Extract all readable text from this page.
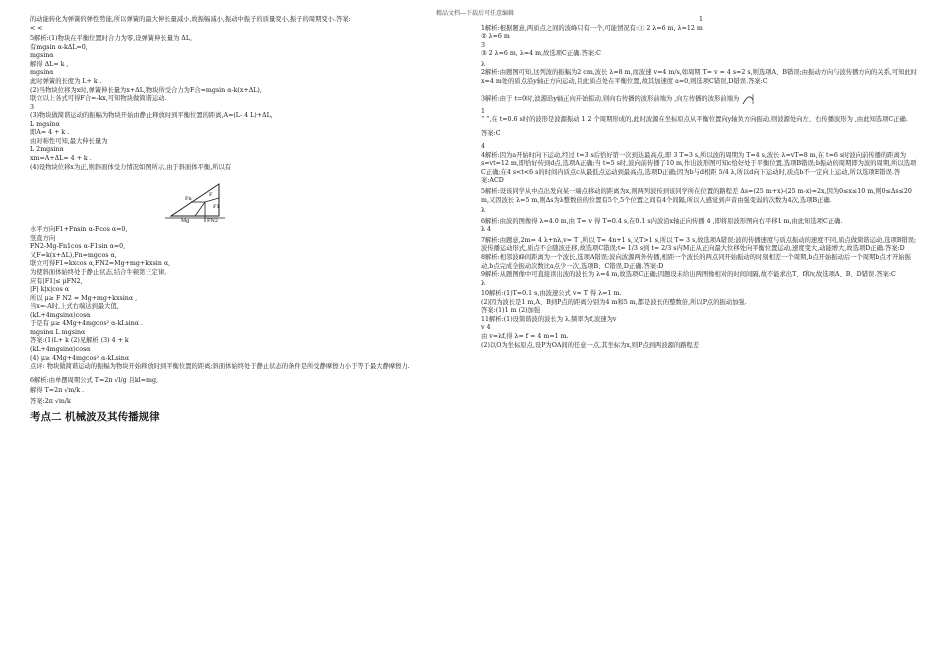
精品文档---下载后可任意编辑

的动能转化为弹簧的弹性势能,所以弹簧的最大伸长量减小,故振幅减小,振动中振子的质量变小,振子的周期变小.答案:

< <

5解析:(1)物块在平衡位置时合力为零,设弹簧伸长量为 ΔL,

有mgsin α-kΔL=0,

mgsinα

解得 ΔL= k ,

mgsinα

此时弹簧的长度为 L+ k .

(2)当物块位移为x时,弹簧伸长量为x+ΔL,物块所受合力为F合=mgsin α-k(x+ΔL),

联立以上各式可得F合=-kx,可知物块做简谐运动.

3

(3)物块做简谐运动的振幅为物块开始由静止释放时到平衡位置的距离,A=(L- 4 L)+ΔL,

L mgsinα

即A= 4 + k .

由对称性可知,最大伸长量为

L 2mgsinα

xm=A+ΔL= 4 + k .

(4)设物块位移x为正,则斜面体受力情况如图所示,由于斜面体平衡,所以有

F
F1
Fn
Mg	FN2

水平方向F1+Fnsin α-Fcos α=0,

竖直方向

FN2-Mg-Fn1cos α-F1sin α=0,

又F=k(x+ΔL),Fn=mgcos α,

联立可得F1=kxcos α,FN2=Mg+mg+kxsin α,

为使斜面体始终处于静止状态,结合牛顿第三定律,

应有|F1|≤ μFN2,

|F| k|x|cos α

所以 μ≥ F N2 = Mg+mg+kxsinα ,

当x=-A时,上式右端达到最大值,

(kL+4mgsinα)cosα

于是有 μ≥ 4Mg+4mgcos² α-kLsinα .

mgsinα L mgsinα

答案:(1)L+ k (2)见解析 (3) 4 + k

(kL+4mgsinα)cosα

(4) μ≥ 4Mg+4mgcos² α-kLsinα

点评: 物块做简谐运动的振幅为物块开始释放时到平衡位置的距离;斜面体始终处于静止状态的条件是所受静摩擦力小于等于最大静摩擦力.

6解析:由单摆周期公式 T=2π √l/g 且kl=mg,

解得 T=2π √m/k .

答案:2π √m/k

考点二 机械波及其传播规律

1

1解析:根据题意,两质点之间的波峰只有一个,可能情况有:① 2 λ=6 m, λ=12 m

② λ=6 m

3

③ 2 λ=6 m, λ=4 m,故选项C正确.答案:C

λ

2解析:由题图可知,这列波的振幅为2 cm,波长 λ=8 m,而波速 v=4 m/s,如周期 T= v = 4 s=2 s,则选项A、B错误;由振动方向与波传播方向的关系,可知此时 x=4 m处的质点沿y轴正方向运动,且此质点处在平衡位置,故其加速度 a=0,则选项C错误,D错误.答案:C

3解析:由于 t=0时,波源沿y轴正向开始振动,则向右传播的波形前端为 ,向左传播的波形前端为

1

“ ”,在 t=0.6 s时的波形是波源振动 1 2 个周期形成的,此时波源在坐标原点从平衡位置向y轴负方向振动,则波源处向左、右传播波形为 ,由此知选项C正确.

答案:C

4

4解析:因为a开始时向下运动,经过 t=3 s后恰好第一次到达最高点,即 3 T=3 s,所以波的周期为 T=4 s,波长 λ=vT=8 m,在 t=6 s时波向前传播的距离为 s=vt=12 m,即恰好传到d点,选项A正确;当 t=5 s时,波向前传播了10 m,作出波形图可知c恰好处于平衡位置,选项B错误;b振动的周期即为波的周期,所以选项C正确;在4 s<t<6 s的时间内质点c从最低点运动到最高点,选项D正确;因为b与d相距 5/4 λ,所以d向下运动时,质点b不一定向上运动,所以选项E错误.答案:ACD

5解析:设该同学从中点出发向某一端点移动的距离为x,则两列波传到该同学所在位置的路程差 Δs=(25 m+x)-(25 m-x)=2x,因为0≤x≤10 m,则0≤Δs≤20 m,又因波长 λ=5 m,则Δs为λ整数倍的位置有5个,5个位置之间有4个间隔,所以人感觉到声音由强变弱的次数为4次,选项B正确.

λ

6解析:由波的图像得 λ=4.0 m,由 T= v 得 T=0.4 s,在0.1 s内波沿x轴正向传播 4 ,即将原波形图向右平移1 m,由此知选项C正确.

λ 4

7解析:由题意,2m= 4 λ+nλ,v= T ,所以 T= 4n+1 s,又T>1 s,所以 T= 3 s,故选项A错误;波的传播速度与质点振动的速度不同,质点做简谐运动,选项B错误;波传播运动形式,质点不会随波迁移,故选项C错误;t= 1/3 s到 t= 2/3 s内M正从正向最大位移处向平衡位置运动,速度变大,动能增大,故选项D正确.答案:D

8解析:相邻波峰间距离为一个波长,选项A错误;波向波源两外传播,相距一个波长的两点同开始振动的时刻相差一个周期,b点开始振动后一个周期b点才开始振动,b点完成全振动次数比a点少一次,选项B、C错误,D正确.答案:D

9解析:从题图像中可直接读出波的波长为 λ=4 m,故选项C正确;因题设未给出两图像相对的时间间隔,故不能求出T、f和v,故选项A、B、D错误.答案:C

λ

10解析:(1)T=0.1 s,由波速公式 v= T 得 λ=1 m.

(2)因为波长是1 m,A、B到P点的距离分别为4 m和5 m,都是波长的整数倍,所以P点的振动加强.

答案:(1)1 m (2)加强

11解析:(1)设简谐波的波长为 λ,频率为f,波速为v

v 4

由 v=λf,得 λ= f = 4 m=1 m.

(2)以O为坐标原点,设P为OA间的任意一点,其坐标为x,则P点到两波源的路程差
